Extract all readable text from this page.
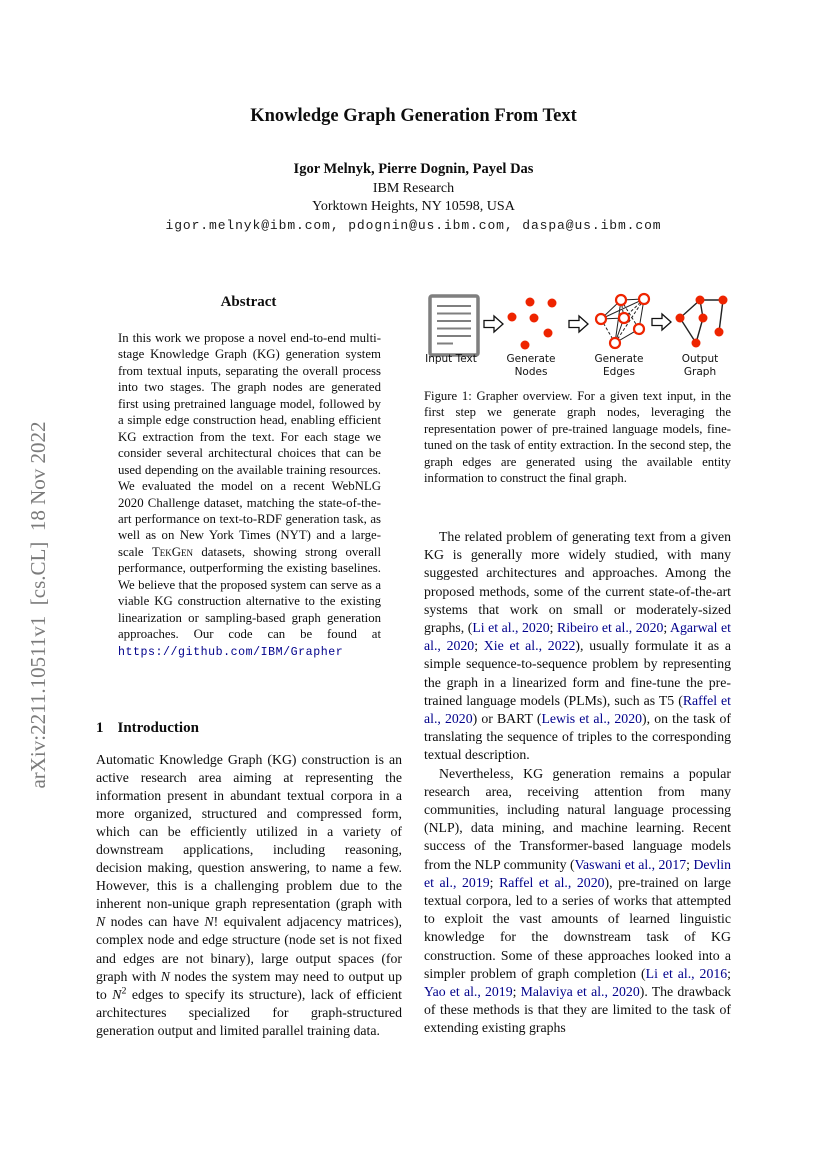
arXiv:2211.10511v1  [cs.CL]  18 Nov 2022
Knowledge Graph Generation From Text
Igor Melnyk, Pierre Dognin, Payel Das
IBM Research
Yorktown Heights, NY 10598, USA
igor.melnyk@ibm.com, pdognin@us.ibm.com, daspa@us.ibm.com
Abstract
In this work we propose a novel end-to-end multi-stage Knowledge Graph (KG) generation system from textual inputs, separating the overall process into two stages. The graph nodes are generated first using pretrained language model, followed by a simple edge construction head, enabling efficient KG extraction from the text. For each stage we consider several architectural choices that can be used depending on the available training resources. We evaluated the model on a recent WebNLG 2020 Challenge dataset, matching the state-of-the-art performance on text-to-RDF generation task, as well as on New York Times (NYT) and a large-scale TekGen datasets, showing strong overall performance, outperforming the existing baselines. We believe that the proposed system can serve as a viable KG construction alternative to the existing linearization or sampling-based graph generation approaches. Our code can be found at https://github.com/IBM/Grapher
1 Introduction
Automatic Knowledge Graph (KG) construction is an active research area aiming at representing the information present in abundant textual corpora in a more organized, structured and compressed form, which can be efficiently utilized in a variety of downstream applications, including reasoning, decision making, question answering, to name a few. However, this is a challenging problem due to the inherent non-unique graph representation (graph with N nodes can have N! equivalent adjacency matrices), complex node and edge structure (node set is not fixed and edges are not binary), large output spaces (for graph with N nodes the system may need to output up to $N^2$ edges to specify its structure), lack of efficient architectures specialized for graph-structured generation output and limited parallel training data.
Input Text	Generate Nodes
Generate Edges
Output Graph
Figure 1: Grapher overview. For a given text input, in the first step we generate graph nodes, leveraging the representation power of pre-trained language models, fine-tuned on the task of entity extraction. In the second step, the graph edges are generated using the available entity information to construct the final graph.

The related problem of generating text from a given KG is generally more widely studied, with many suggested architectures and approaches. Among the proposed methods, some of the current state-of-the-art systems that work on small or moderately-sized graphs, (Li et al., 2020; Ribeiro et al., 2020; Agarwal et al., 2020; Xie et al., 2022), usually formulate it as a simple sequence-to-sequence problem by representing the graph in a linearized form and fine-tune the pre-trained language models (PLMs), such as T5 (Raffel et al., 2020) or BART (Lewis et al., 2020), on the task of translating the sequence of triples to the corresponding textual description.

Nevertheless, KG generation remains a popular research area, receiving attention from many communities, including natural language processing (NLP), data mining, and machine learning. Recent success of the Transformer-based language models from the NLP community (Vaswani et al., 2017; Devlin et al., 2019; Raffel et al., 2020), pre-trained on large textual corpora, led to a series of works that attempted to exploit the vast amounts of learned linguistic knowledge for the downstream task of KG construction. Some of these approaches looked into a simpler problem of graph completion (Li et al., 2016; Yao et al., 2019; Malaviya et al., 2020). The drawback of these methods is that they are limited to the task of extending existing graphs
